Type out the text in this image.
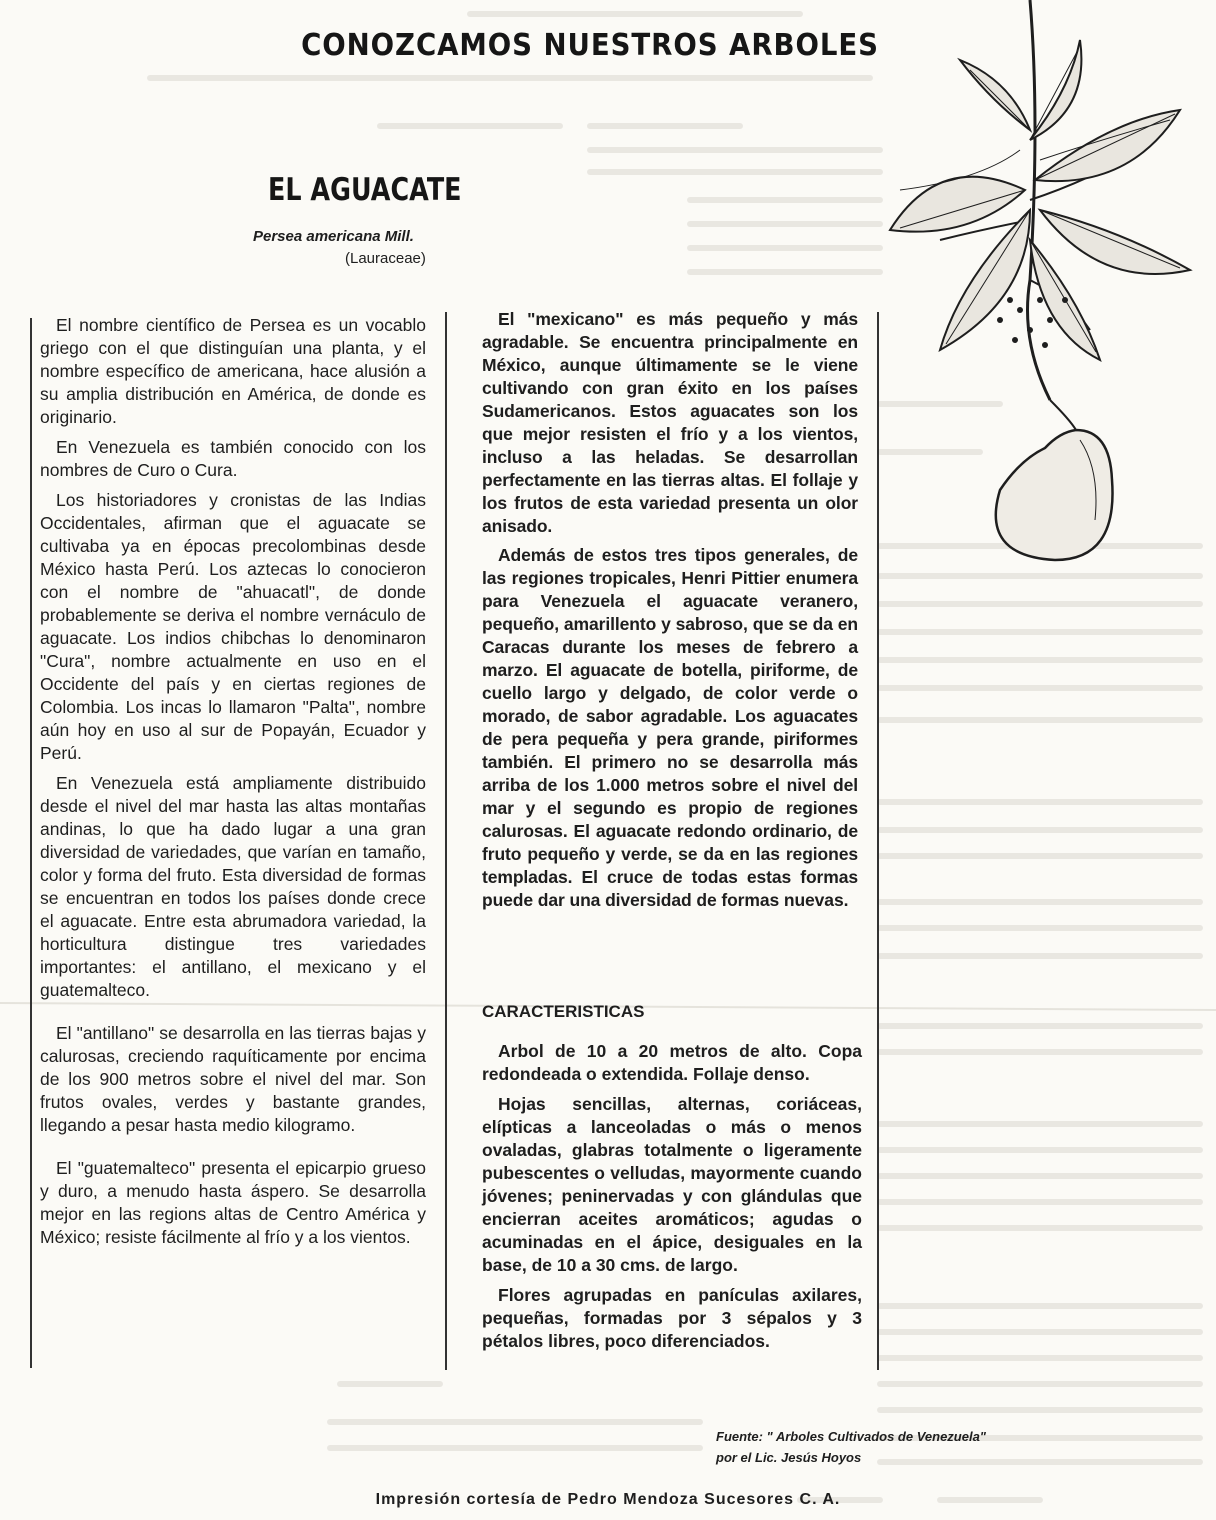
CONOZCAMOS NUESTROS ARBOLES
EL AGUACATE
Persea americana Mill.
(Lauraceae)

El nombre científico de Persea es un vocablo griego con el que distinguían una planta, y el nombre específico de americana, hace alusión a su amplia distribución en América, de donde es originario.

En Venezuela es también conocido con los nombres de Curo o Cura.

Los historiadores y cronistas de las Indias Occidentales, afirman que el aguacate se cultivaba ya en épocas precolombinas desde México hasta Perú. Los aztecas lo conocieron con el nombre de "ahuacatl", de donde probablemente se deriva el nombre vernáculo de aguacate. Los indios chibchas lo denominaron "Cura", nombre actualmente en uso en el Occidente del país y en ciertas regiones de Colombia. Los incas lo llamaron "Palta", nombre aún hoy en uso al sur de Popayán, Ecuador y Perú.

En Venezuela está ampliamente distribuido desde el nivel del mar hasta las altas montañas andinas, lo que ha dado lugar a una gran diversidad de variedades, que varían en tamaño, color y forma del fruto. Esta diversidad de formas se encuentran en todos los países donde crece el aguacate. Entre esta abrumadora variedad, la horticultura distingue tres variedades importantes: el antillano, el mexicano y el guatemalteco.

El "antillano" se desarrolla en las tierras bajas y calurosas, creciendo raquíticamente por encima de los 900 metros sobre el nivel del mar. Son frutos ovales, verdes y bastante grandes, llegando a pesar hasta medio kilogramo.

El "guatemalteco" presenta el epicarpio grueso y duro, a menudo hasta áspero. Se desarrolla mejor en las regions altas de Centro América y México; resiste fácilmente al frío y a los vientos.

El "mexicano" es más pequeño y más agradable. Se encuentra principalmente en México, aunque últimamente se le viene cultivando con gran éxito en los países Sudamericanos. Estos aguacates son los que mejor resisten el frío y a los vientos, incluso a las heladas. Se desarrollan perfectamente en las tierras altas. El follaje y los frutos de esta variedad presenta un olor anisado.

Además de estos tres tipos generales, de las regiones tropicales, Henri Pittier enumera para Venezuela el aguacate veranero, pequeño, amarillento y sabroso, que se da en Caracas durante los meses de febrero a marzo. El aguacate de botella, piriforme, de cuello largo y delgado, de color verde o morado, de sabor agradable. Los aguacates de pera pequeña y pera grande, piriformes también. El primero no se desarrolla más arriba de los 1.000 metros sobre el nivel del mar y el segundo es propio de regiones calurosas. El aguacate redondo ordinario, de fruto pequeño y verde, se da en las regiones templadas. El cruce de todas estas formas puede dar una diversidad de formas nuevas.

CARACTERISTICAS

Arbol de 10 a 20 metros de alto. Copa redondeada o extendida. Follaje denso.

Hojas sencillas, alternas, coriáceas, elípticas a lanceoladas o más o menos ovaladas, glabras totalmente o ligeramente pubescentes o velludas, mayormente cuando jóvenes; peninervadas y con glándulas que encierran aceites aromáticos; agudas o acuminadas en el ápice, desiguales en la base, de 10 a 30 cms. de largo.

Flores agrupadas en panículas axilares, pequeñas, formadas por 3 sépalos y 3 pétalos libres, poco diferenciados.

Fuente: " Arboles Cultivados de Venezuela"
por el Lic. Jesús Hoyos
Impresión cortesía de Pedro Mendoza Sucesores C. A.
